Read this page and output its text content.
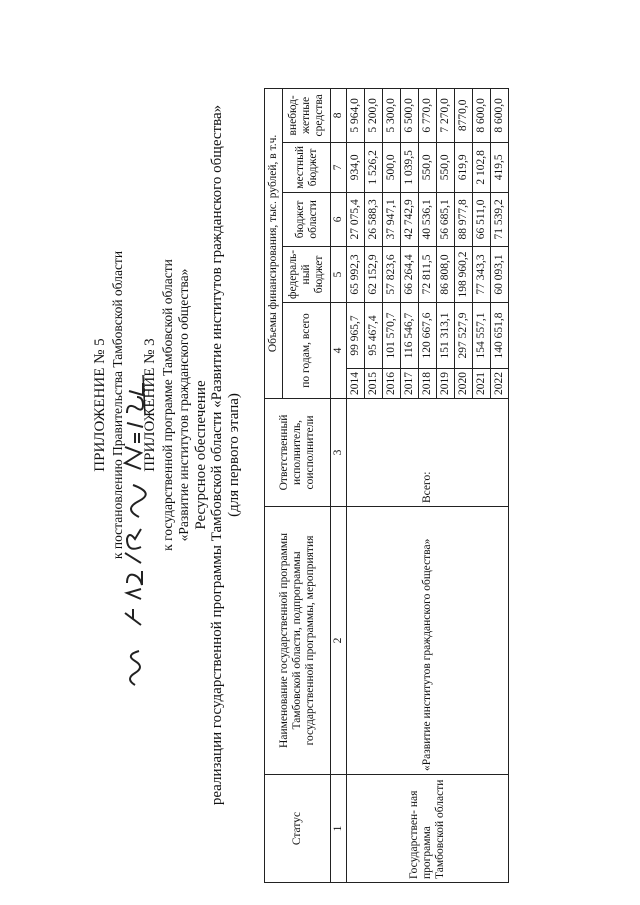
ПРИЛОЖЕНИЕ № 5 к постановлению Правительства Тамбовской области ПРИЛОЖЕНИЕ № 3 к государственной программе Тамбовской области «Развитие институтов гражданского общества» Ресурсное обеспечение реализации государственной программы Тамбовской области «Развитие институтов гражданского общества» (для первого этапа)
Статус	Наименование государственной программы Тамбовской области, подпрограммы государственной программы, мероприятия	Ответственный исполнитель, соисполнители	Объемы финансирования, тыс. рублей, в т.ч.					
			по годам, всего		федераль- ный бюджет	бюджет области	местный бюджет	внебюд- жетные средства
1	2	3	4		5	6	7	8
Государствен- ная программа Тамбовской области	«Развитие институтов гражданского общества»	Всего:	2014	99 965,7	65 992,3	27 075,4	934,0	5 964,0
			2015	95 467,4	62 152,9	26 588,3	1 526,2	5 200,0
			2016	101 570,7	57 823,6	37 947,1	500,0	5 300,0
			2017	116 546,7	66 264,4	42 742,9	1 039,5	6 500,0
			2018	120 667,6	72 811,5	40 536,1	550,0	6 770,0
			2019	151 313,1	86 808,0	56 685,1	550,0	7 270,0
			2020	297 527,9	198 960,2	88 977,8	619,9	8770,0
			2021	154 557,1	77 343,3	66 511,0	2 102,8	8 600,0
			2022	140 651,8	60 093,1	71 539,2	419,5	8 600,0
